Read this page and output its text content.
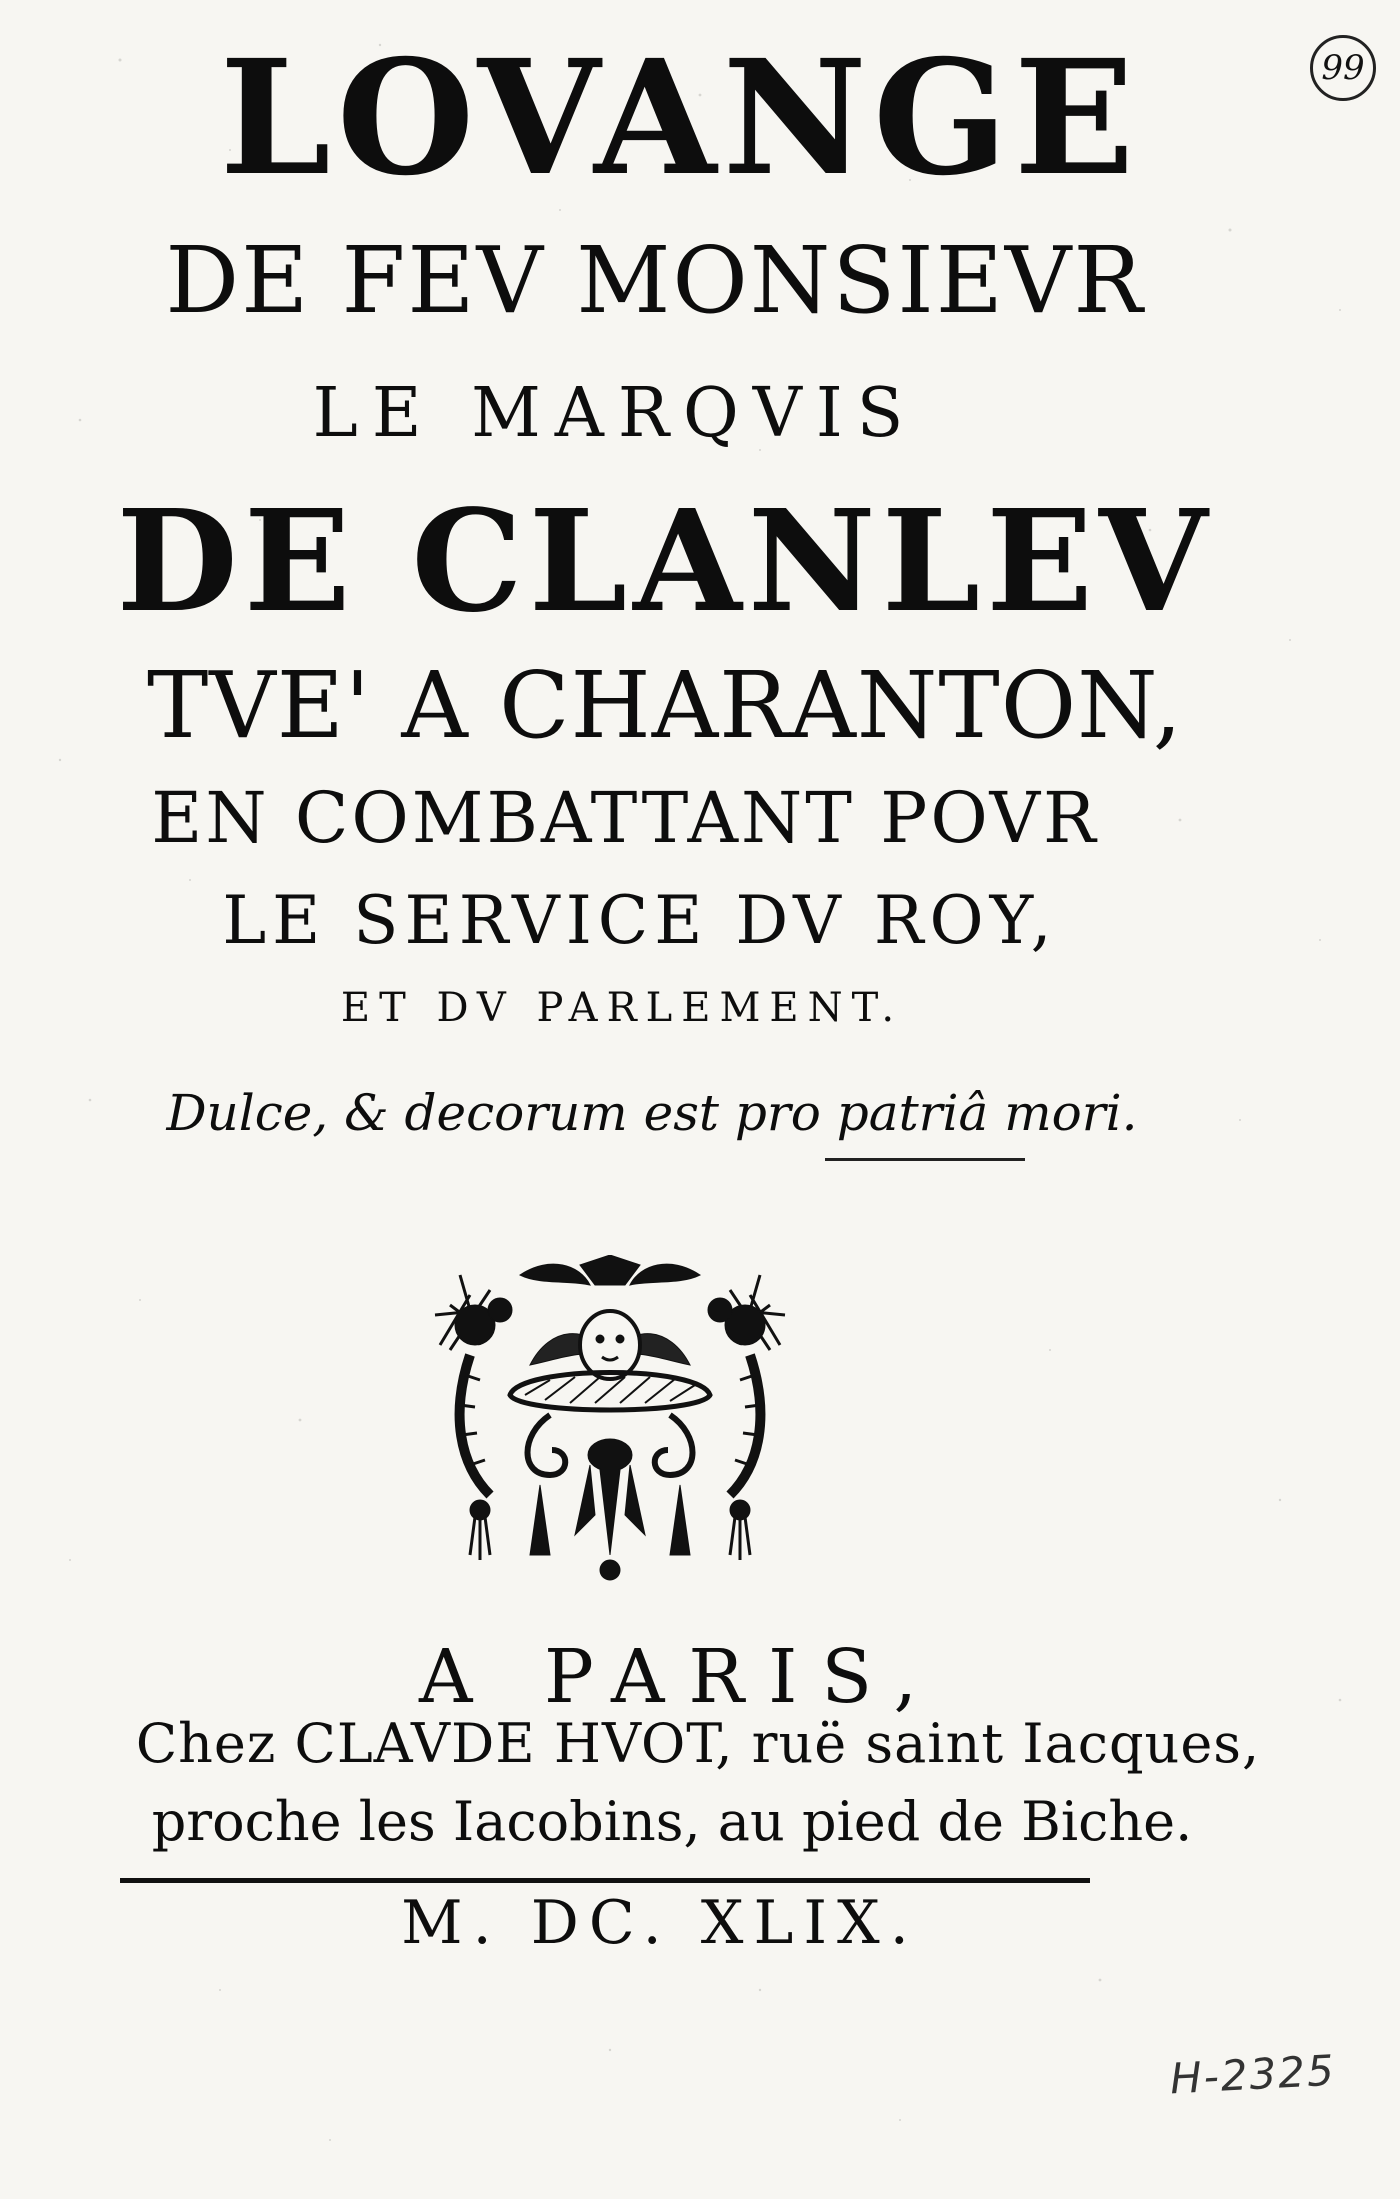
99
LOVANGE
DE FEV MONSIEVR
LE MARQVIS
DE CLANLEV
TVE' A CHARANTON,
EN COMBATTANT POVR
LE SERVICE DV ROY,
ET DV PARLEMENT.
Dulce, & decorum est pro patriâ mori.
A PARIS,
Chez CLAVDE HVOT, ruë saint Iacques,
proche les Iacobins, au pied de Biche.
M. DC. XLIX.
H-2325
